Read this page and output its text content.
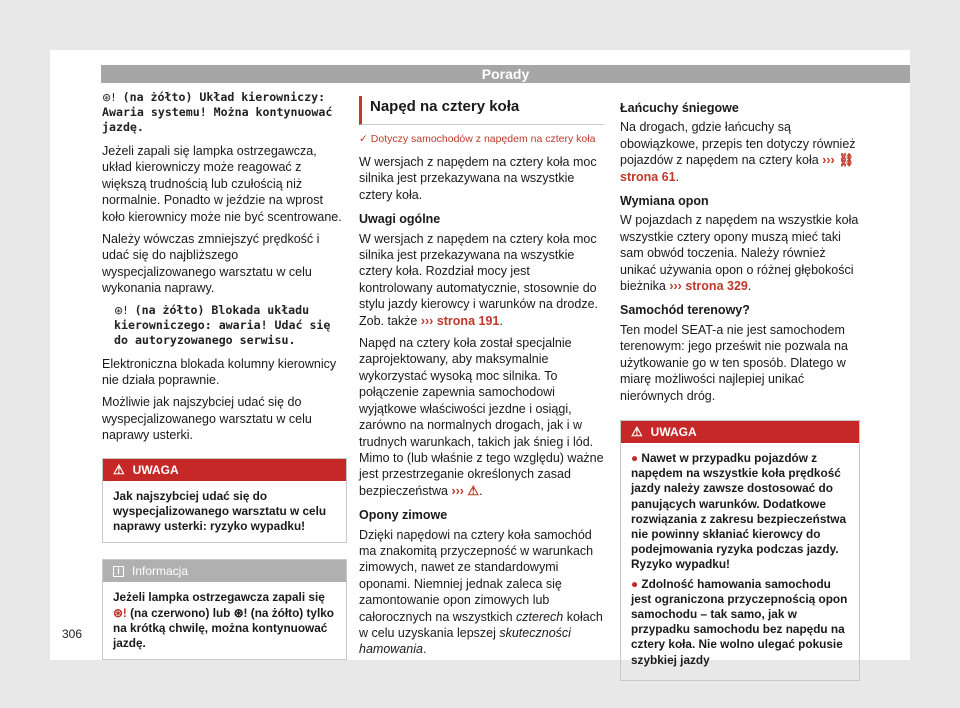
Porady
⊛! (na żółto) Układ kierowniczy: Awaria systemu! Można kontynuować jazdę.

Jeżeli zapali się lampka ostrzegawcza, układ kierowniczy może reagować z większą trudnością lub czułością niż normalnie. Ponadto w jeździe na wprost koło kierownicy może nie być scentrowane.

Należy wówczas zmniejszyć prędkość i udać się do najbliższego wyspecjalizowanego warsztatu w celu wykonania naprawy.

⊛! (na żółto) Blokada układu kierowniczego: awaria! Udać się do autoryzowanego serwisu.

Elektroniczna blokada kolumny kierownicy nie działa poprawnie.

Możliwie jak najszybciej udać się do wyspecjalizowanego warsztatu w celu naprawy usterki.

⚠ UWAGA
Jak najszybciej udać się do wyspecjalizowanego warsztatu w celu naprawy usterki: ryzyko wypadku!
i	Informacja
Jeżeli lampka ostrzegawcza zapali się ⊛! (na czerwono) lub ⊛! (na żółto) tylko na krótką chwilę, można kontynuować jazdę.
Napęd na cztery koła
✓ Dotyczy samochodów z napędem na cztery koła

W wersjach z napędem na cztery koła moc silnika jest przekazywana na wszystkie cztery koła.

Uwagi ogólne

W wersjach z napędem na cztery koła moc silnika jest przekazywana na wszystkie cztery koła. Rozdział mocy jest kontrolowany automatycznie, stosownie do stylu jazdy kierowcy i warunków na drodze. Zob. także ››› strona 191.

Napęd na cztery koła został specjalnie zaprojektowany, aby maksymalnie wykorzystać wysoką moc silnika. To połączenie zapewnia samochodowi wyjątkowe właściwości jezdne i osiągi, zarówno na normalnych drogach, jak i w trudnych warunkach, takich jak śnieg i lód. Mimo to (lub właśnie z tego względu) ważne jest przestrzeganie określonych zasad bezpieczeństwa ››› ⚠.

Opony zimowe

Dzięki napędowi na cztery koła samochód ma znakomitą przyczepność w warunkach zimowych, nawet ze standardowymi oponami. Niemniej jednak zaleca się zamontowanie opon zimowych lub całorocznych na wszystkich czterech kołach w celu uzyskania lepszej skuteczności hamowania.

Łańcuchy śniegowe

Na drogach, gdzie łańcuchy są obowiązkowe, przepis ten dotyczy również pojazdów z napędem na cztery koła ››› ⛓ strona 61.

Wymiana opon

W pojazdach z napędem na wszystkie koła wszystkie cztery opony muszą mieć taki sam obwód toczenia. Należy również unikać używania opon o różnej głębokości bieżnika ››› strona 329.

Samochód terenowy?

Ten model SEAT-a nie jest samochodem terenowym: jego prześwit nie pozwala na użytkowanie go w ten sposób. Dlatego w miarę możliwości najlepiej unikać nierównych dróg.

⚠ UWAGA

● Nawet w przypadku pojazdów z napędem na wszystkie koła prędkość jazdy należy zawsze dostosować do panujących warunków. Dodatkowe rozwiązania z zakresu bezpieczeństwa nie powinny skłaniać kierowcy do podejmowania ryzyka podczas jazdy. Ryzyko wypadku!

● Zdolność hamowania samochodu jest ograniczona przyczepnością opon samochodu – tak samo, jak w przypadku samochodu bez napędu na cztery koła. Nie wolno ulegać pokusie szybkiej jazdy

306
